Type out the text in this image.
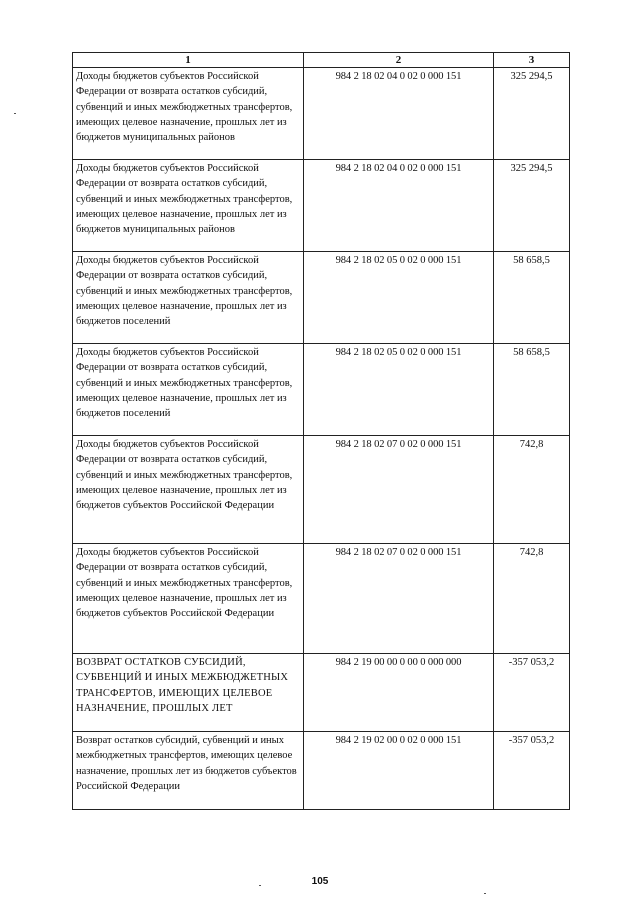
1	2	3
Доходы бюджетов субъектов Российской Федерации от возврата остатков субсидий, субвенций и иных межбюджетных трансфертов, имеющих целевое назначение, прошлых лет из бюджетов муниципальных районов	984 2 18 02 04 0 02 0 000 151	325 294,5
Доходы бюджетов субъектов Российской Федерации от возврата остатков субсидий, субвенций и иных межбюджетных трансфертов, имеющих целевое назначение, прошлых лет из бюджетов муниципальных районов	984 2 18 02 04 0 02 0 000 151	325 294,5
Доходы бюджетов субъектов Российской Федерации от возврата остатков субсидий, субвенций и иных межбюджетных трансфертов, имеющих целевое назначение, прошлых лет из бюджетов поселений	984 2 18 02 05 0 02 0 000 151	58 658,5
Доходы бюджетов субъектов Российской Федерации от возврата остатков субсидий, субвенций и иных межбюджетных трансфертов, имеющих целевое назначение, прошлых лет из бюджетов поселений	984 2 18 02 05 0 02 0 000 151	58 658,5
Доходы бюджетов субъектов Российской Федерации от возврата остатков субсидий, субвенций и иных межбюджетных трансфертов, имеющих целевое назначение, прошлых лет из бюджетов субъектов Российской Федерации	984 2 18 02 07 0 02 0 000 151	742,8
Доходы бюджетов субъектов Российской Федерации от возврата остатков субсидий, субвенций и иных межбюджетных трансфертов, имеющих целевое назначение, прошлых лет из бюджетов субъектов Российской Федерации	984 2 18 02 07 0 02 0 000 151	742,8
ВОЗВРАТ ОСТАТКОВ СУБСИДИЙ, СУБВЕНЦИЙ И ИНЫХ МЕЖБЮДЖЕТНЫХ ТРАНСФЕРТОВ, ИМЕЮЩИХ ЦЕЛЕВОЕ НАЗНАЧЕНИЕ, ПРОШЛЫХ ЛЕТ	984 2 19 00 00 0 00 0 000 000	-357 053,2
Возврат остатков субсидий, субвенций и иных межбюджетных трансфертов, имеющих целевое назначение, прошлых лет из бюджетов субъектов Российской Федерации	984 2 19 02 00 0 02 0 000 151	-357 053,2
105
